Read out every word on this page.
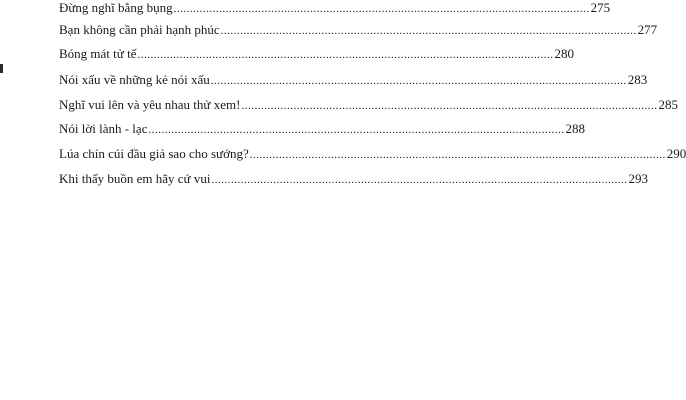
Đừng nghĩ bằng bụng ................................................................................................................................ 275
Bạn không cần phải hạnh phúc ................................................................................................................................ 277
Bóng mát tử tế ................................................................................................................................ 280
Nói xấu về những kẻ nói xấu ................................................................................................................................ 283
Nghĩ vui lên và yêu nhau thử xem! ................................................................................................................................ 285
Nói lời lành - lạc ................................................................................................................................ 288
Lúa chín cúi đầu giả sao cho sướng? ................................................................................................................................ 290
Khi thấy buồn em hãy cứ vui ................................................................................................................................ 293
